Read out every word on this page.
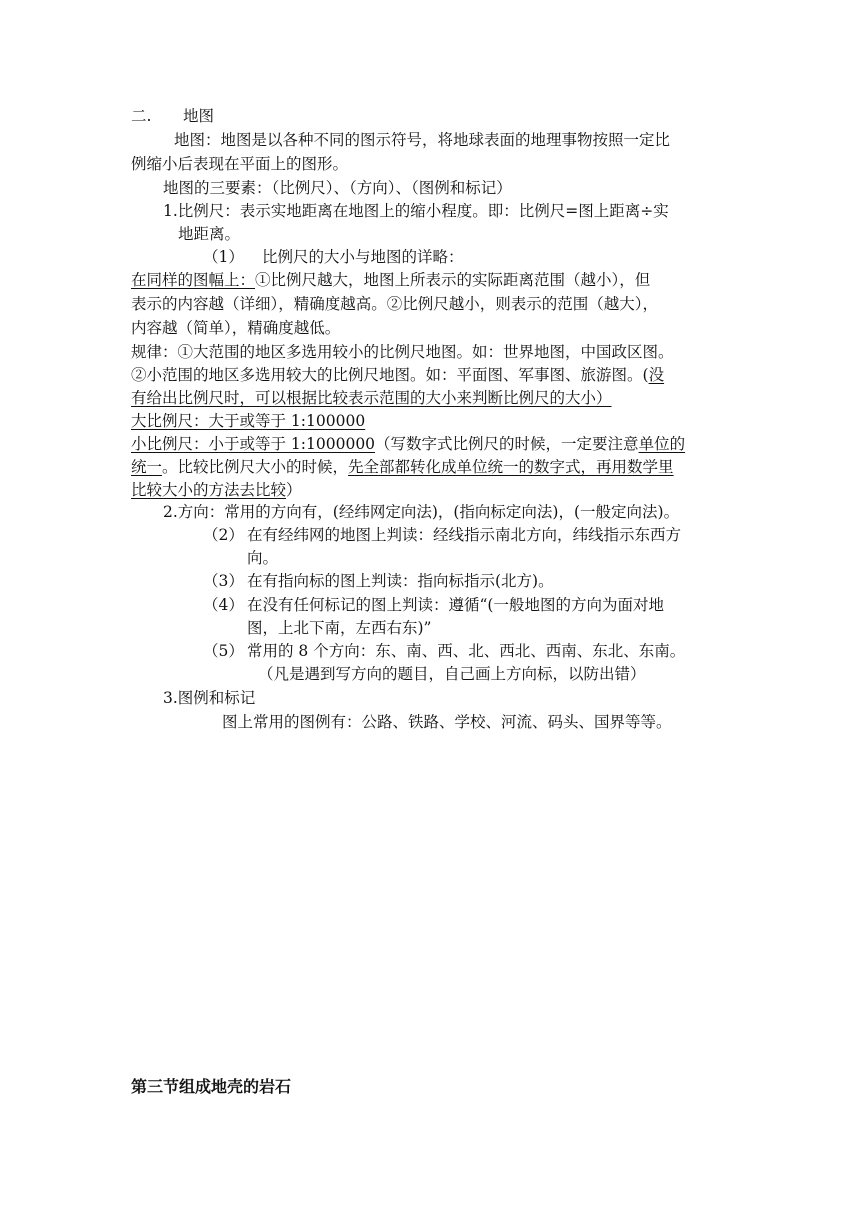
二. 地图
地图：地图是以各种不同的图示符号，将地球表面的地理事物按照一定比
例缩小后表现在平面上的图形。
地图的三要素：（比例尺）、（方向）、（图例和标记）
1.比例尺：表示实地距离在地图上的缩小程度。即：比例尺=图上距离÷实
地距离。
（1） 比例尺的大小与地图的详略：
在同样的图幅上：①比例尺越大，地图上所表示的实际距离范围（越小），但
表示的内容越（详细），精确度越高。②比例尺越小，则表示的范围（越大），
内容越（简单），精确度越低。
规律：①大范围的地区多选用较小的比例尺地图。如：世界地图，中国政区图。
②小范围的地区多选用较大的比例尺地图。如：平面图、军事图、旅游图。(没
有给出比例尺时，可以根据比较表示范围的大小来判断比例尺的大小）
大比例尺：大于或等于 1:100000
小比例尺：小于或等于 1:1000000（写数字式比例尺的时候，一定要注意单位的
统一。比较比例尺大小的时候，先全部都转化成单位统一的数字式，再用数学里
比较大小的方法去比较）
2.方向：常用的方向有，(经纬网定向法)，(指向标定向法)，(一般定向法)。
（2） 在有经纬网的地图上判读：经线指示南北方向，纬线指示东西方
向。
（3） 在有指向标的图上判读：指向标指示(北方)。
（4） 在没有任何标记的图上判读：遵循“(一般地图的方向为面对地
图，上北下南，左西右东)”
（5） 常用的 8 个方向：东、南、西、北、西北、西南、东北、东南。
（凡是遇到写方向的题目，自己画上方向标，以防出错）
3.图例和标记
图上常用的图例有：公路、铁路、学校、河流、码头、国界等等。
第三节组成地壳的岩石
